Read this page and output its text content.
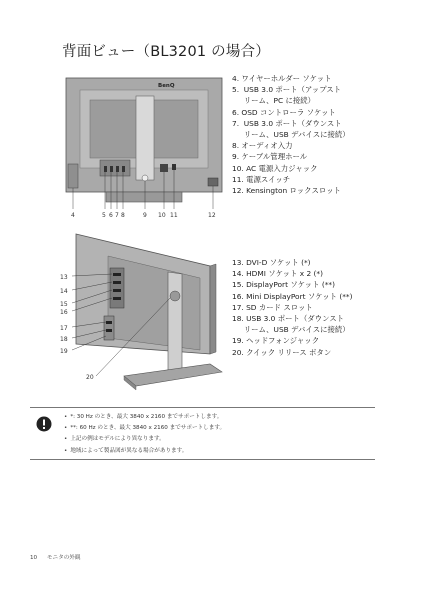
背面ビュー（BL3201 の場合）
BenQ
4	5 6 7 8	9 10 11	12
4. ワイヤーホルダー ソケット
5.  USB 3.0 ポート（アップスト
リーム、PC に接続）
6. OSD コントローラ ソケット
7.  USB 3.0 ポート（ダウンスト
リーム、USB デバイスに接続）
8. オーディオ入力
9. ケーブル管理ホール
10. AC 電源入力ジャック
11. 電源スイッチ
12. Kensington ロックスロット
13
14
15
16
17
18
19
20
13. DVI-D ソケット (*)
14. HDMI ソケット x 2 (*)
15. DisplayPort ソケット (**)
16. Mini DisplayPort ソケット (**)
17. SD カード スロット
18. USB 3.0 ポート（ダウンスト
リーム、USB デバイスに接続）
19. ヘッドフォンジャック
20. クイック リリース ボタン
• *: 30 Hz のとき、最大 3840 x 2160 までサポートします。
• **: 60 Hz のとき、最大 3840 x 2160 までサポートします。
• 上記の例はモデルにより異なります。
• 地域によって製品図が異なる場合があります。
10 モニタの外観
